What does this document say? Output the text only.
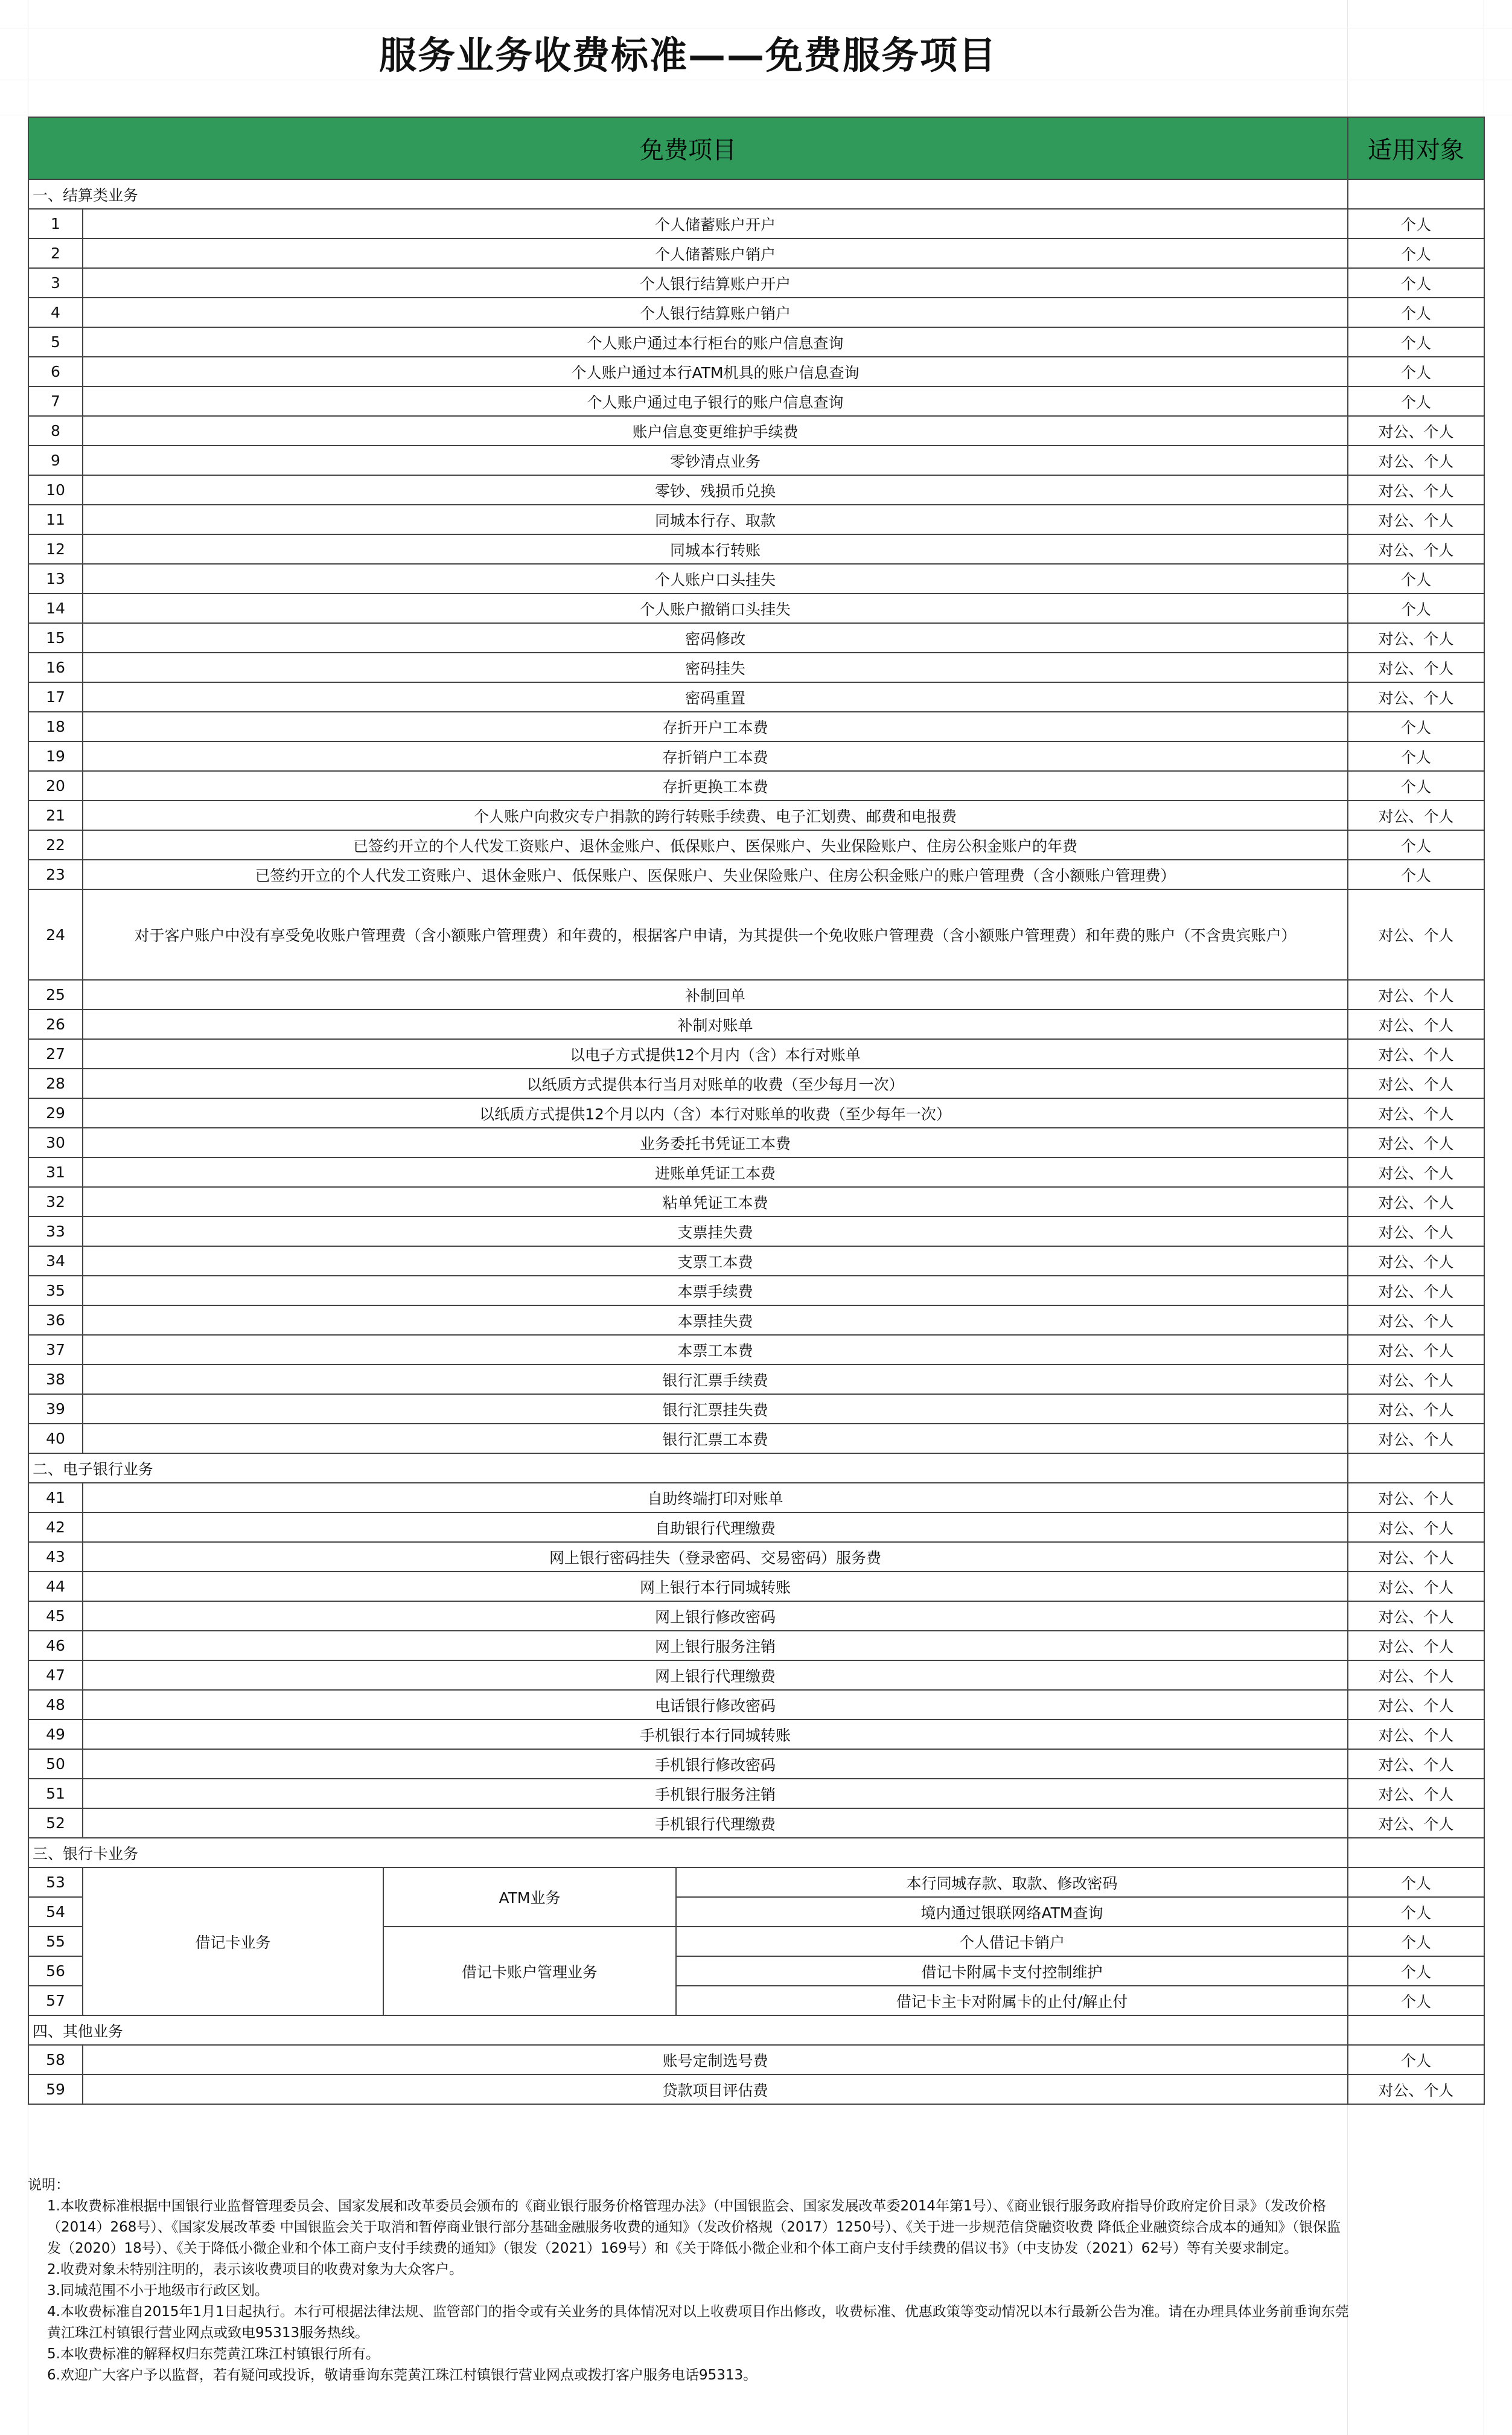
服务业务收费标准——免费服务项目
免费项目				适用对象
一、结算类业务				
1	个人储蓄账户开户			个人
2	个人储蓄账户销户			个人
3	个人银行结算账户开户			个人
4	个人银行结算账户销户			个人
5	个人账户通过本行柜台的账户信息查询			个人
6	个人账户通过本行ATM机具的账户信息查询			个人
7	个人账户通过电子银行的账户信息查询			个人
8	账户信息变更维护手续费			对公、个人
9	零钞清点业务			对公、个人
10	零钞、残损币兑换			对公、个人
11	同城本行存、取款			对公、个人
12	同城本行转账			对公、个人
13	个人账户口头挂失			个人
14	个人账户撤销口头挂失			个人
15	密码修改			对公、个人
16	密码挂失			对公、个人
17	密码重置			对公、个人
18	存折开户工本费			个人
19	存折销户工本费			个人
20	存折更换工本费			个人
21	个人账户向救灾专户捐款的跨行转账手续费、电子汇划费、邮费和电报费			对公、个人
22	已签约开立的个人代发工资账户、退休金账户、低保账户、医保账户、失业保险账户、住房公积金账户的年费			个人
23	已签约开立的个人代发工资账户、退休金账户、低保账户、医保账户、失业保险账户、住房公积金账户的账户管理费（含小额账户管理费）			个人
24	对于客户账户中没有享受免收账户管理费（含小额账户管理费）和年费的，根据客户申请，为其提供一个免收账户管理费（含小额账户管理费）和年费的账户（不含贵宾账户）			对公、个人
25	补制回单			对公、个人
26	补制对账单			对公、个人
27	以电子方式提供12个月内（含）本行对账单			对公、个人
28	以纸质方式提供本行当月对账单的收费（至少每月一次）			对公、个人
29	以纸质方式提供12个月以内（含）本行对账单的收费（至少每年一次）			对公、个人
30	业务委托书凭证工本费			对公、个人
31	进账单凭证工本费			对公、个人
32	粘单凭证工本费			对公、个人
33	支票挂失费			对公、个人
34	支票工本费			对公、个人
35	本票手续费			对公、个人
36	本票挂失费			对公、个人
37	本票工本费			对公、个人
38	银行汇票手续费			对公、个人
39	银行汇票挂失费			对公、个人
40	银行汇票工本费			对公、个人
二、电子银行业务				
41	自助终端打印对账单			对公、个人
42	自助银行代理缴费			对公、个人
43	网上银行密码挂失（登录密码、交易密码）服务费			对公、个人
44	网上银行本行同城转账			对公、个人
45	网上银行修改密码			对公、个人
46	网上银行服务注销			对公、个人
47	网上银行代理缴费			对公、个人
48	电话银行修改密码			对公、个人
49	手机银行本行同城转账			对公、个人
50	手机银行修改密码			对公、个人
51	手机银行服务注销			对公、个人
52	手机银行代理缴费			对公、个人
三、银行卡业务				
53	借记卡业务	ATM业务	本行同城存款、取款、修改密码	个人
54			境内通过银联网络ATM查询	个人
55		借记卡账户管理业务	个人借记卡销户	个人
56			借记卡附属卡支付控制维护	个人
57			借记卡主卡对附属卡的止付/解止付	个人
四、其他业务				
58	账号定制选号费			个人
59	贷款项目评估费			对公、个人

说明：

1.本收费标准根据中国银行业监督管理委员会、国家发展和改革委员会颁布的《商业银行服务价格管理办法》（中国银监会、国家发展改革委2014年第1号）、《商业银行服务政府指导价政府定价目录》（发改价格（2014）268号）、《国家发展改革委 中国银监会关于取消和暂停商业银行部分基础金融服务收费的通知》（发改价格规（2017）1250号）、《关于进一步规范信贷融资收费 降低企业融资综合成本的通知》（银保监发（2020）18号）、《关于降低小微企业和个体工商户支付手续费的通知》（银发（2021）169号）和《关于降低小微企业和个体工商户支付手续费的倡议书》（中支协发（2021）62号）等有关要求制定。

2.收费对象未特别注明的，表示该收费项目的收费对象为大众客户。

3.同城范围不小于地级市行政区划。

4.本收费标准自2015年1月1日起执行。本行可根据法律法规、监管部门的指令或有关业务的具体情况对以上收费项目作出修改，收费标准、优惠政策等变动情况以本行最新公告为准。请在办理具体业务前垂询东莞黄江珠江村镇银行营业网点或致电95313服务热线。

5.本收费标准的解释权归东莞黄江珠江村镇银行所有。

6.欢迎广大客户予以监督，若有疑问或投诉，敬请垂询东莞黄江珠江村镇银行营业网点或拨打客户服务电话95313。
